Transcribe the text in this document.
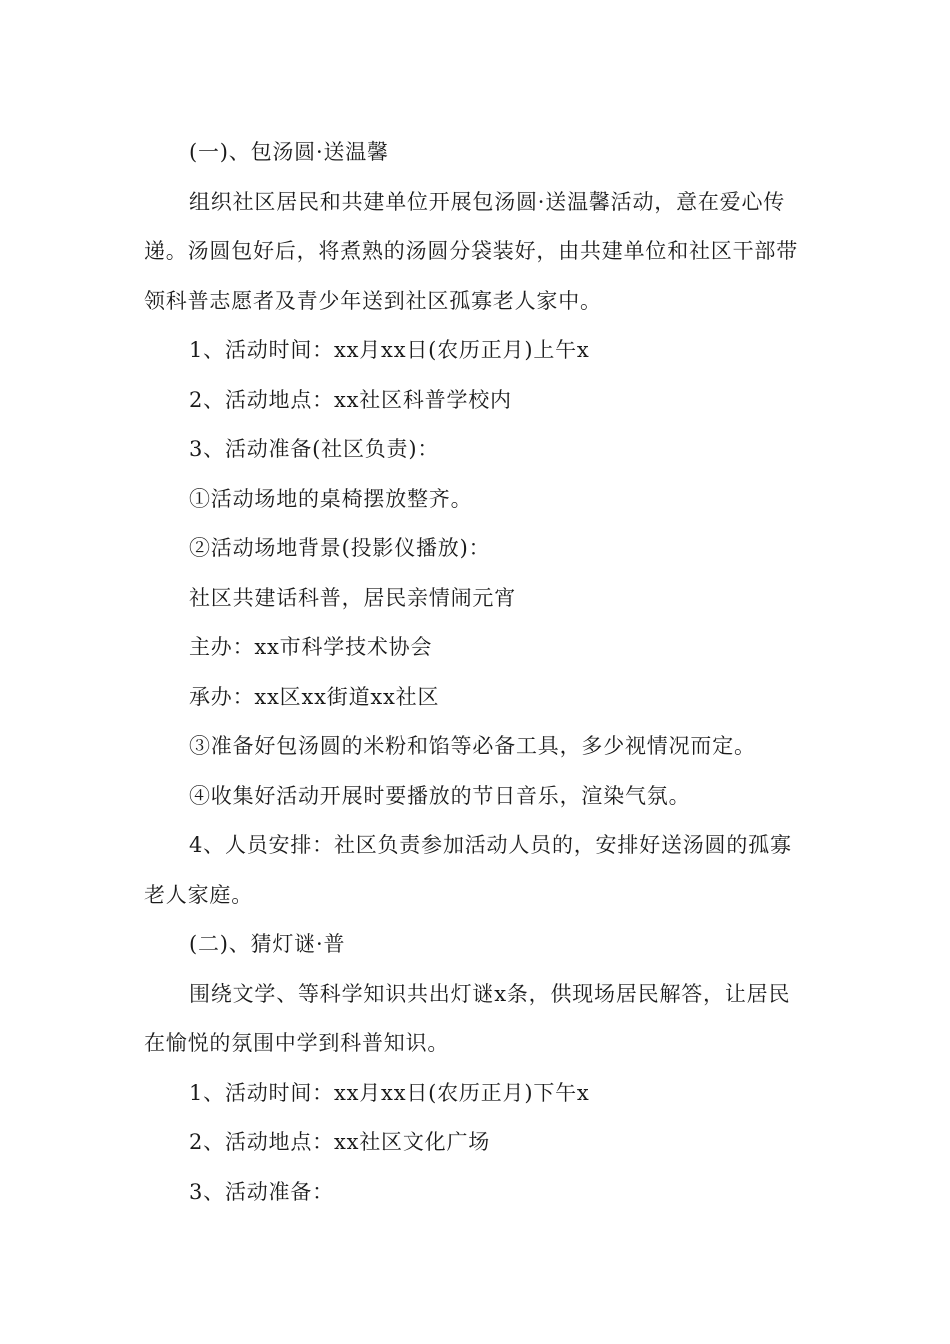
(一)、包汤圆·送温馨

组织社区居民和共建单位开展包汤圆·送温馨活动，意在爱心传递。汤圆包好后，将煮熟的汤圆分袋装好，由共建单位和社区干部带领科普志愿者及青少年送到社区孤寡老人家中。

1、活动时间：xx月xx日(农历正月)上午x

2、活动地点：xx社区科普学校内

3、活动准备(社区负责)：

①活动场地的桌椅摆放整齐。

②活动场地背景(投影仪播放)：

社区共建话科普，居民亲情闹元宵

主办：xx市科学技术协会

承办：xx区xx街道xx社区

③准备好包汤圆的米粉和馅等必备工具，多少视情况而定。

④收集好活动开展时要播放的节日音乐，渲染气氛。

4、人员安排：社区负责参加活动人员的，安排好送汤圆的孤寡老人家庭。

(二)、猜灯谜·普

围绕文学、等科学知识共出灯谜x条，供现场居民解答，让居民在愉悦的氛围中学到科普知识。

1、活动时间：xx月xx日(农历正月)下午x

2、活动地点：xx社区文化广场

3、活动准备：
